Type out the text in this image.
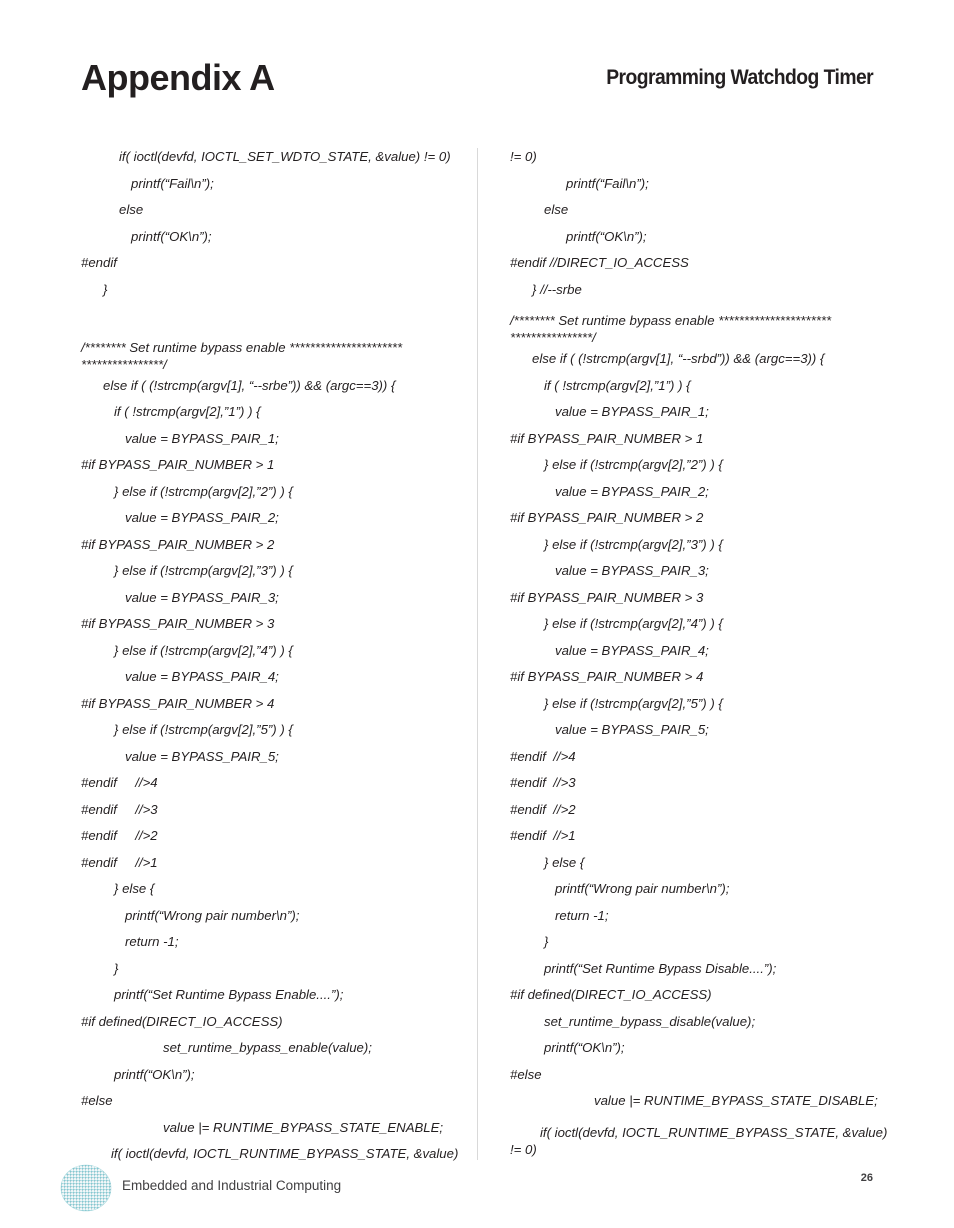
Appendix A	Programming Watchdog Timer
if( ioctl(devfd, IOCTL_SET_WDTO_STATE, &value) != 0)
printf(“Fail\n”);
else
printf(“OK\n”);
#endif
}
/******** Set runtime bypass enable **********************
****************/
else if ( (!strcmp(argv[1], “--srbe”)) && (argc==3)) {
if ( !strcmp(argv[2],”1”) ) {
value = BYPASS_PAIR_1;
#if BYPASS_PAIR_NUMBER > 1
} else if (!strcmp(argv[2],”2”) ) {
value = BYPASS_PAIR_2;
#if BYPASS_PAIR_NUMBER > 2
} else if (!strcmp(argv[2],”3”) ) {
value = BYPASS_PAIR_3;
#if BYPASS_PAIR_NUMBER > 3
} else if (!strcmp(argv[2],”4”) ) {
value = BYPASS_PAIR_4;
#if BYPASS_PAIR_NUMBER > 4
} else if (!strcmp(argv[2],”5”) ) {
value = BYPASS_PAIR_5;
#endif     //>4
#endif     //>3
#endif     //>2
#endif     //>1
} else {
printf(“Wrong pair number\n”);
return -1;
}
printf(“Set Runtime Bypass Enable....”);
#if defined(DIRECT_IO_ACCESS)
set_runtime_bypass_enable(value);
printf(“OK\n”);
#else
value |= RUNTIME_BYPASS_STATE_ENABLE;
if( ioctl(devfd, IOCTL_RUNTIME_BYPASS_STATE, &value)
!= 0)
printf(“Fail\n”);
else
printf(“OK\n”);
#endif //DIRECT_IO_ACCESS
} //--srbe
/******** Set runtime bypass enable **********************
****************/
else if ( (!strcmp(argv[1], “--srbd”)) && (argc==3)) {
if ( !strcmp(argv[2],”1”) ) {
value = BYPASS_PAIR_1;
#if BYPASS_PAIR_NUMBER > 1
} else if (!strcmp(argv[2],”2”) ) {
value = BYPASS_PAIR_2;
#if BYPASS_PAIR_NUMBER > 2
} else if (!strcmp(argv[2],”3”) ) {
value = BYPASS_PAIR_3;
#if BYPASS_PAIR_NUMBER > 3
} else if (!strcmp(argv[2],”4”) ) {
value = BYPASS_PAIR_4;
#if BYPASS_PAIR_NUMBER > 4
} else if (!strcmp(argv[2],”5”) ) {
value = BYPASS_PAIR_5;
#endif  //>4
#endif  //>3
#endif  //>2
#endif  //>1
} else {
printf(“Wrong pair number\n”);
return -1;
}
printf(“Set Runtime Bypass Disable....”);
#if defined(DIRECT_IO_ACCESS)
set_runtime_bypass_disable(value);
printf(“OK\n”);
#else
value |= RUNTIME_BYPASS_STATE_DISABLE;
if( ioctl(devfd, IOCTL_RUNTIME_BYPASS_STATE, &value)
!= 0)
Embedded and Industrial Computing	26
